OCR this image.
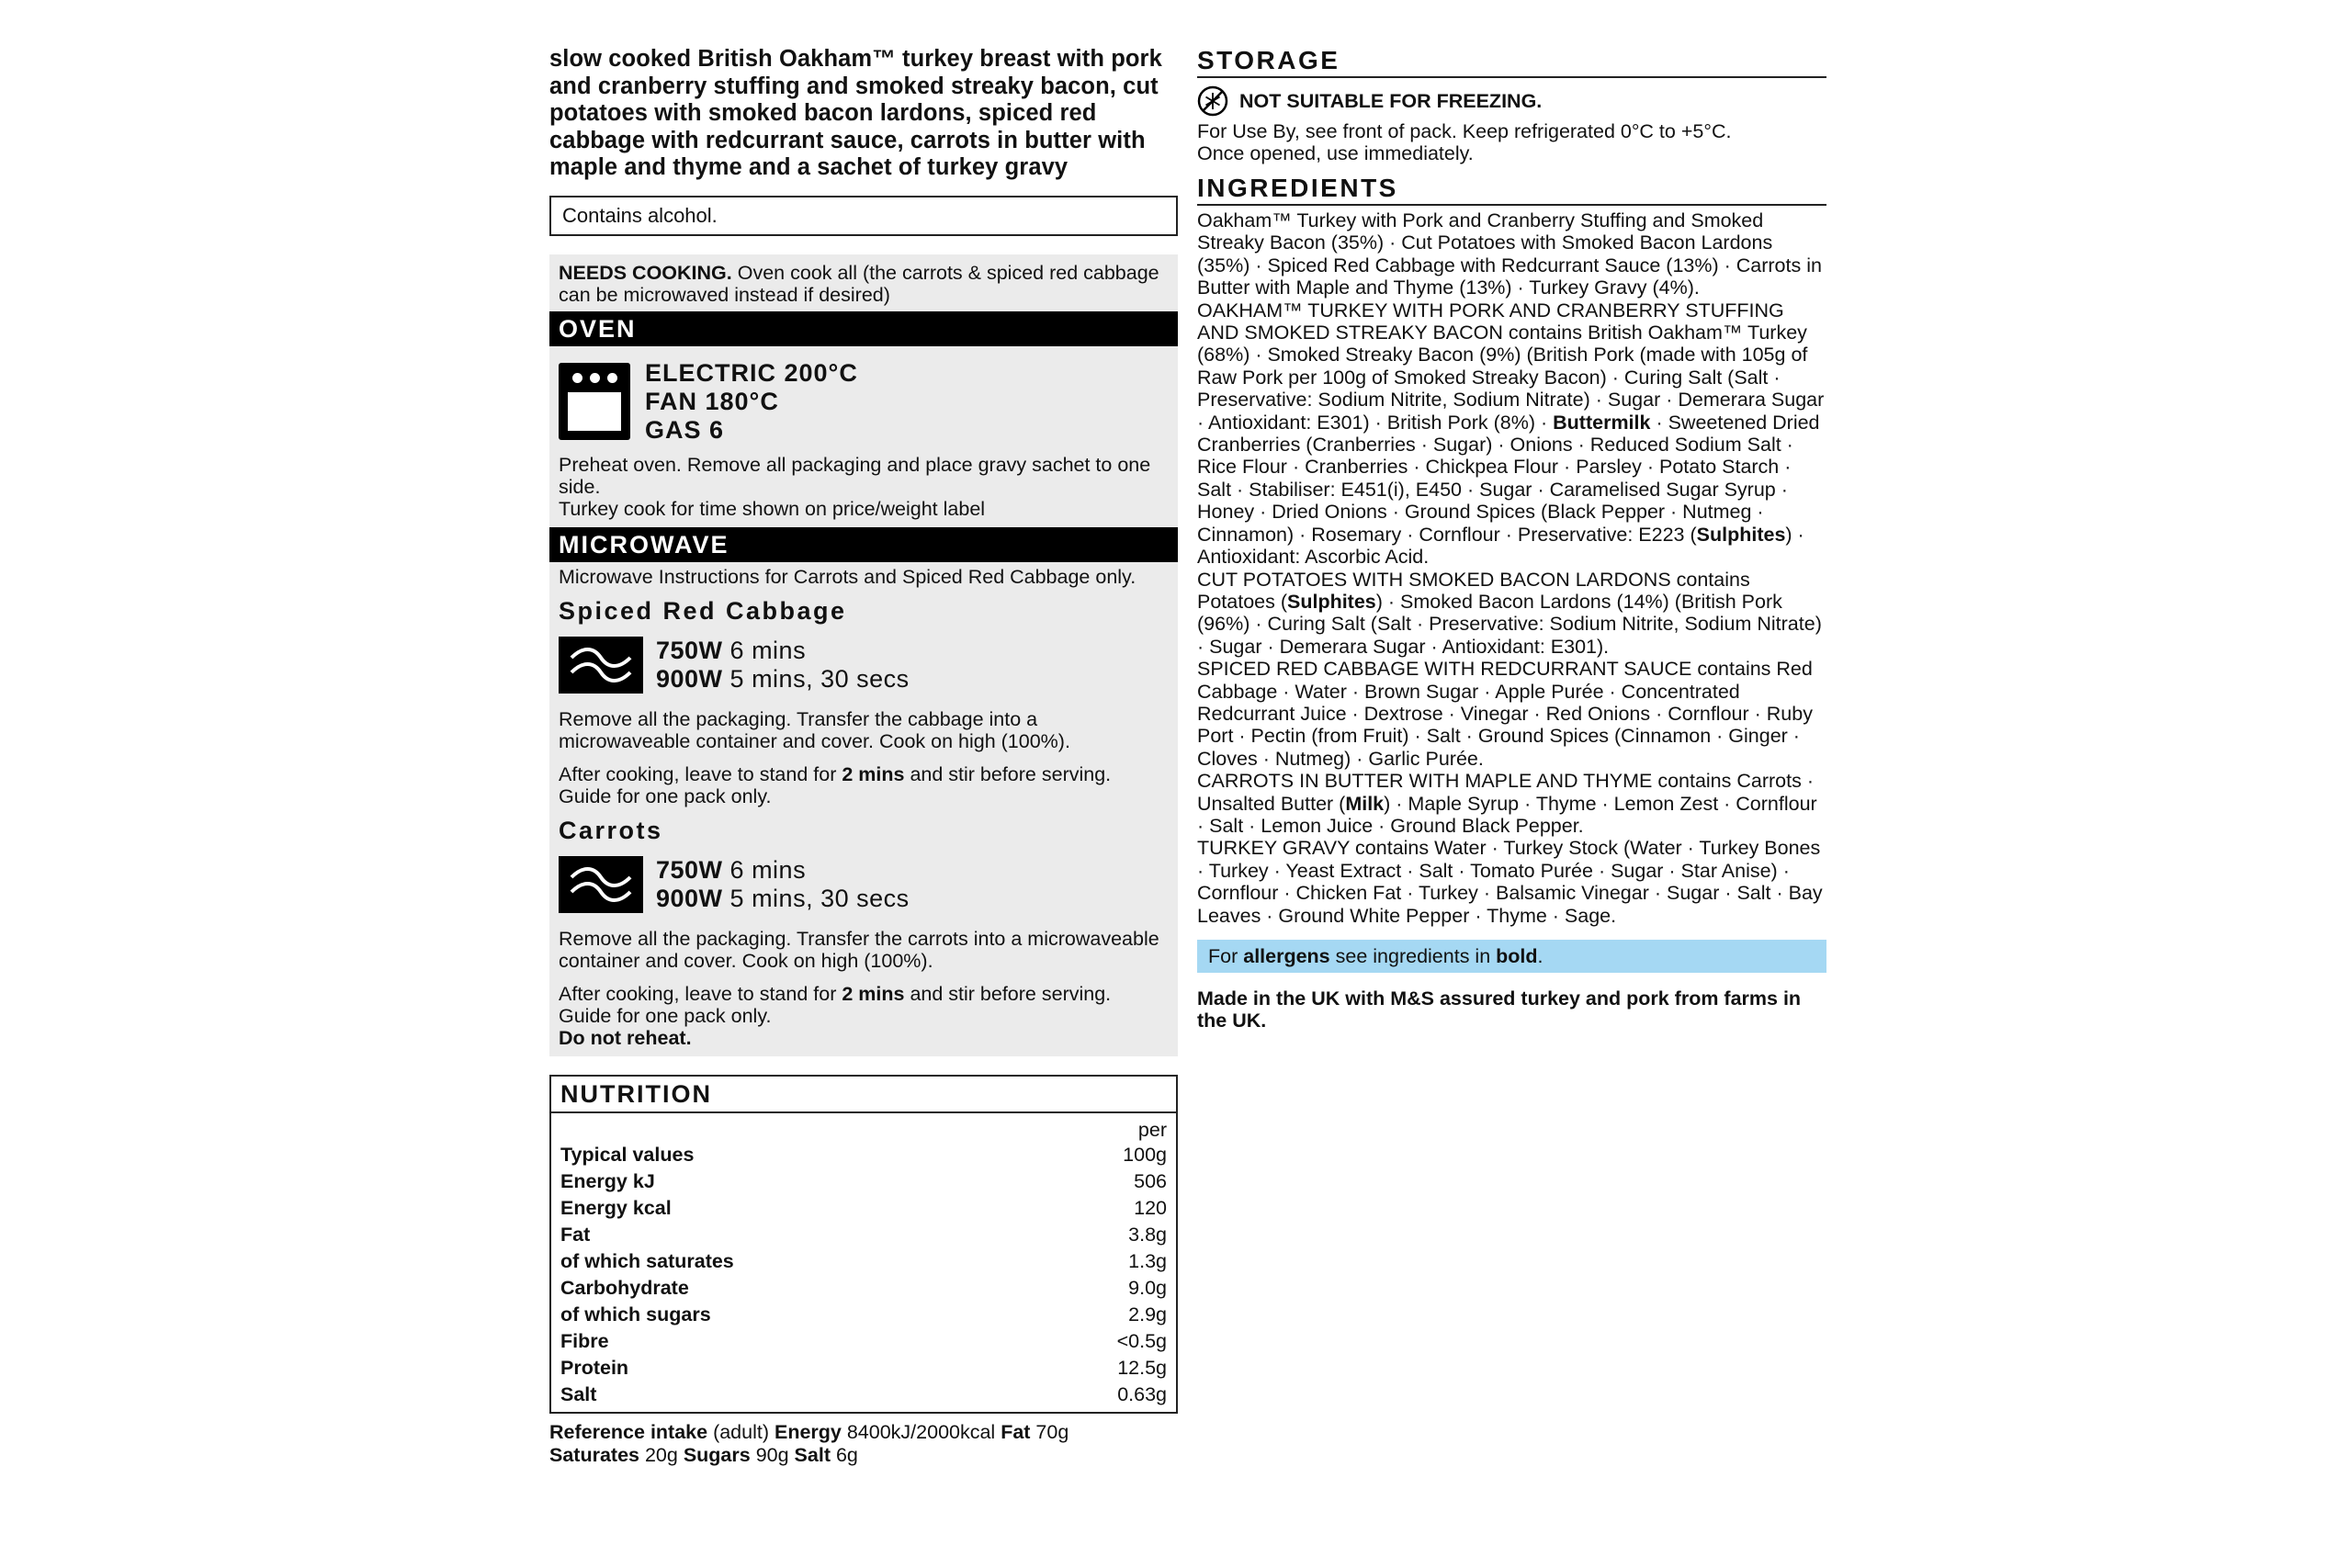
slow cooked British Oakham™ turkey breast with pork and cranberry stuffing and smoked streaky bacon, cut potatoes with smoked bacon lardons, spiced red cabbage with redcurrant sauce, carrots in butter with maple and thyme and a sachet of turkey gravy

Contains alcohol.
NEEDS COOKING. Oven cook all (the carrots & spiced red cabbage can be microwaved instead if desired)
OVEN
ELECTRIC 200°C
FAN 180°C
GAS 6
Preheat oven. Remove all packaging and place gravy sachet to one side.
Turkey cook for time shown on price/weight label
MICROWAVE
Microwave Instructions for Carrots and Spiced Red Cabbage only.
Spiced Red Cabbage
750W 6 mins
900W 5 mins, 30 secs
Remove all the packaging. Transfer the cabbage into a microwaveable container and cover. Cook on high (100%).
After cooking, leave to stand for 2 mins and stir before serving. Guide for one pack only.
Carrots
750W 6 mins
900W 5 mins, 30 secs
Remove all the packaging. Transfer the carrots into a microwaveable container and cover. Cook on high (100%).
After cooking, leave to stand for 2 mins and stir before serving. Guide for one pack only.
Do not reheat.
NUTRITION
	per
Typical values	100g
Energy kJ	506
Energy kcal	120
Fat	3.8g
of which saturates	1.3g
Carbohydrate	9.0g
of which sugars	2.9g
Fibre	<0.5g
Protein	12.5g
Salt	0.63g
Reference intake (adult) Energy 8400kJ/2000kcal Fat 70g
Saturates 20g Sugars 90g Salt 6g
STORAGE
NOT SUITABLE FOR FREEZING.
For Use By, see front of pack. Keep refrigerated 0°C to +5°C.
Once opened, use immediately.
INGREDIENTS

Oakham™ Turkey with Pork and Cranberry Stuffing and Smoked Streaky Bacon (35%) · Cut Potatoes with Smoked Bacon Lardons (35%) · Spiced Red Cabbage with Redcurrant Sauce (13%) · Carrots in Butter with Maple and Thyme (13%) · Turkey Gravy (4%).

OAKHAM™ TURKEY WITH PORK AND CRANBERRY STUFFING AND SMOKED STREAKY BACON contains British Oakham™ Turkey (68%) · Smoked Streaky Bacon (9%) (British Pork (made with 105g of Raw Pork per 100g of Smoked Streaky Bacon) · Curing Salt (Salt · Preservative: Sodium Nitrite, Sodium Nitrate) · Sugar · Demerara Sugar · Antioxidant: E301) · British Pork (8%) · Buttermilk · Sweetened Dried Cranberries (Cranberries · Sugar) · Onions · Reduced Sodium Salt · Rice Flour · Cranberries · Chickpea Flour · Parsley · Potato Starch · Salt · Stabiliser: E451(i), E450 · Sugar · Caramelised Sugar Syrup · Honey · Dried Onions · Ground Spices (Black Pepper · Nutmeg · Cinnamon) · Rosemary · Cornflour · Preservative: E223 (Sulphites) · Antioxidant: Ascorbic Acid.

CUT POTATOES WITH SMOKED BACON LARDONS contains Potatoes (Sulphites) · Smoked Bacon Lardons (14%) (British Pork (96%) · Curing Salt (Salt · Preservative: Sodium Nitrite, Sodium Nitrate) · Sugar · Demerara Sugar · Antioxidant: E301).

SPICED RED CABBAGE WITH REDCURRANT SAUCE contains Red Cabbage · Water · Brown Sugar · Apple Purée · Concentrated Redcurrant Juice · Dextrose · Vinegar · Red Onions · Cornflour · Ruby Port · Pectin (from Fruit) · Salt · Ground Spices (Cinnamon · Ginger · Cloves · Nutmeg) · Garlic Purée.

CARROTS IN BUTTER WITH MAPLE AND THYME contains Carrots · Unsalted Butter (Milk) · Maple Syrup · Thyme · Lemon Zest · Cornflour · Salt · Lemon Juice · Ground Black Pepper.

TURKEY GRAVY contains Water · Turkey Stock (Water · Turkey Bones · Turkey · Yeast Extract · Salt · Tomato Purée · Sugar · Star Anise) · Cornflour · Chicken Fat · Turkey · Balsamic Vinegar · Sugar · Salt · Bay Leaves · Ground White Pepper · Thyme · Sage.

For allergens see ingredients in bold.
Made in the UK with M&S assured turkey and pork from farms in the UK.
